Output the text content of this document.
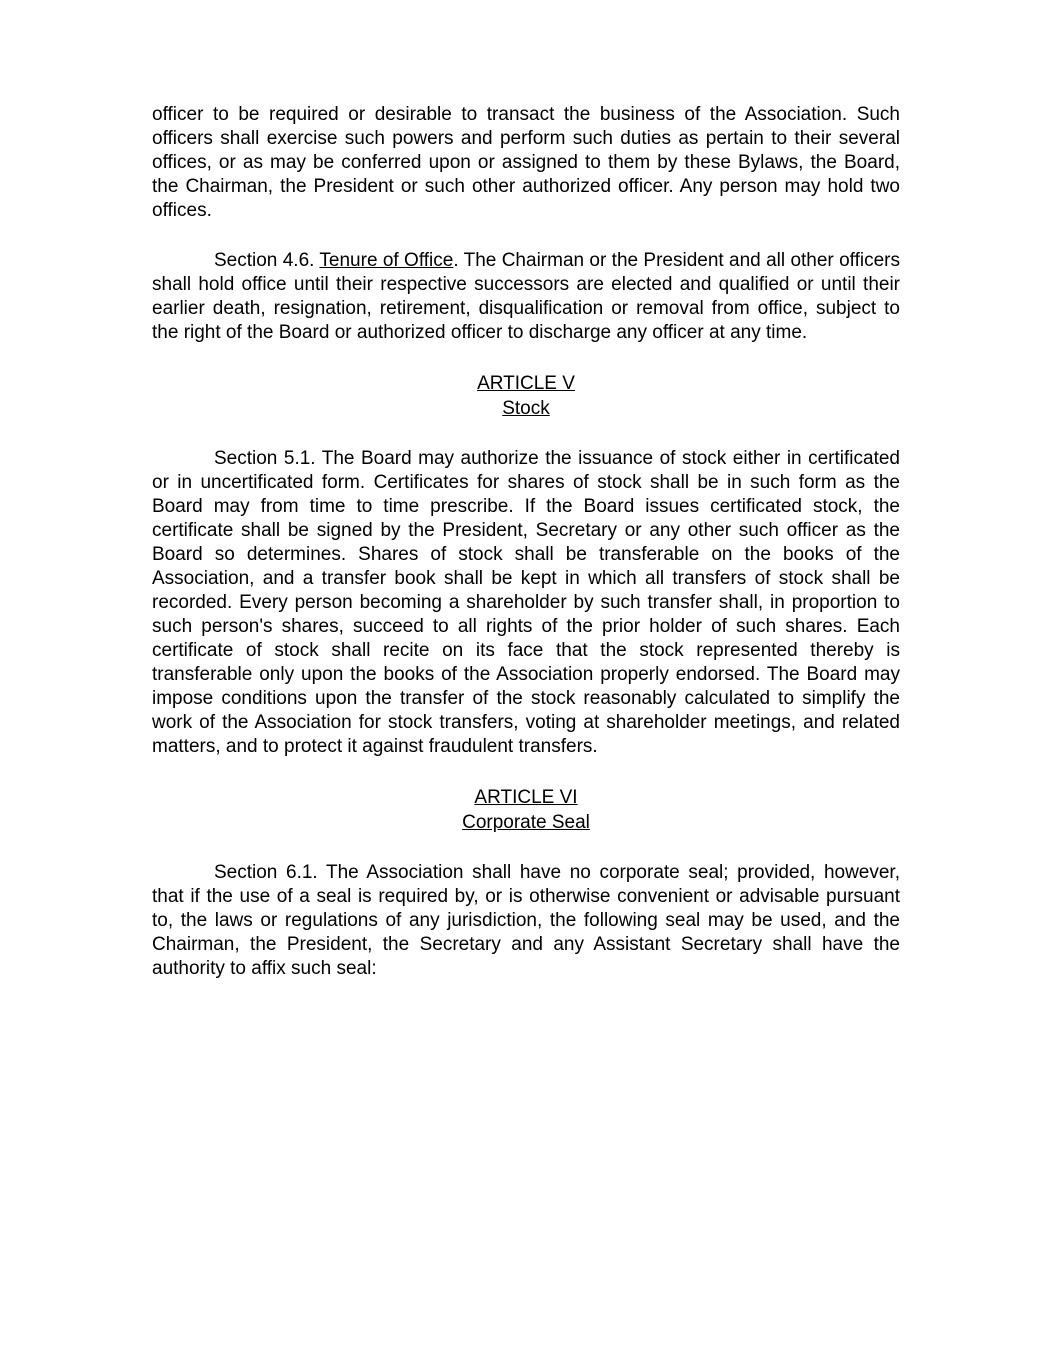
officer to be required or desirable to transact the business of the Association. Such officers shall exercise such powers and perform such duties as pertain to their several offices, or as may be conferred upon or assigned to them by these Bylaws, the Board, the Chairman, the President or such other authorized officer. Any person may hold two offices.

Section 4.6. Tenure of Office. The Chairman or the President and all other officers shall hold office until their respective successors are elected and qualified or until their earlier death, resignation, retirement, disqualification or removal from office, subject to the right of the Board or authorized officer to discharge any officer at any time.

ARTICLE V
Stock

Section 5.1. The Board may authorize the issuance of stock either in certificated or in uncertificated form. Certificates for shares of stock shall be in such form as the Board may from time to time prescribe. If the Board issues certificated stock, the certificate shall be signed by the President, Secretary or any other such officer as the Board so determines. Shares of stock shall be transferable on the books of the Association, and a transfer book shall be kept in which all transfers of stock shall be recorded. Every person becoming a shareholder by such transfer shall, in proportion to such person's shares, succeed to all rights of the prior holder of such shares. Each certificate of stock shall recite on its face that the stock represented thereby is transferable only upon the books of the Association properly endorsed. The Board may impose conditions upon the transfer of the stock reasonably calculated to simplify the work of the Association for stock transfers, voting at shareholder meetings, and related matters, and to protect it against fraudulent transfers.

ARTICLE VI
Corporate Seal

Section 6.1. The Association shall have no corporate seal; provided, however, that if the use of a seal is required by, or is otherwise convenient or advisable pursuant to, the laws or regulations of any jurisdiction, the following seal may be used, and the Chairman, the President, the Secretary and any Assistant Secretary shall have the authority to affix such seal:
